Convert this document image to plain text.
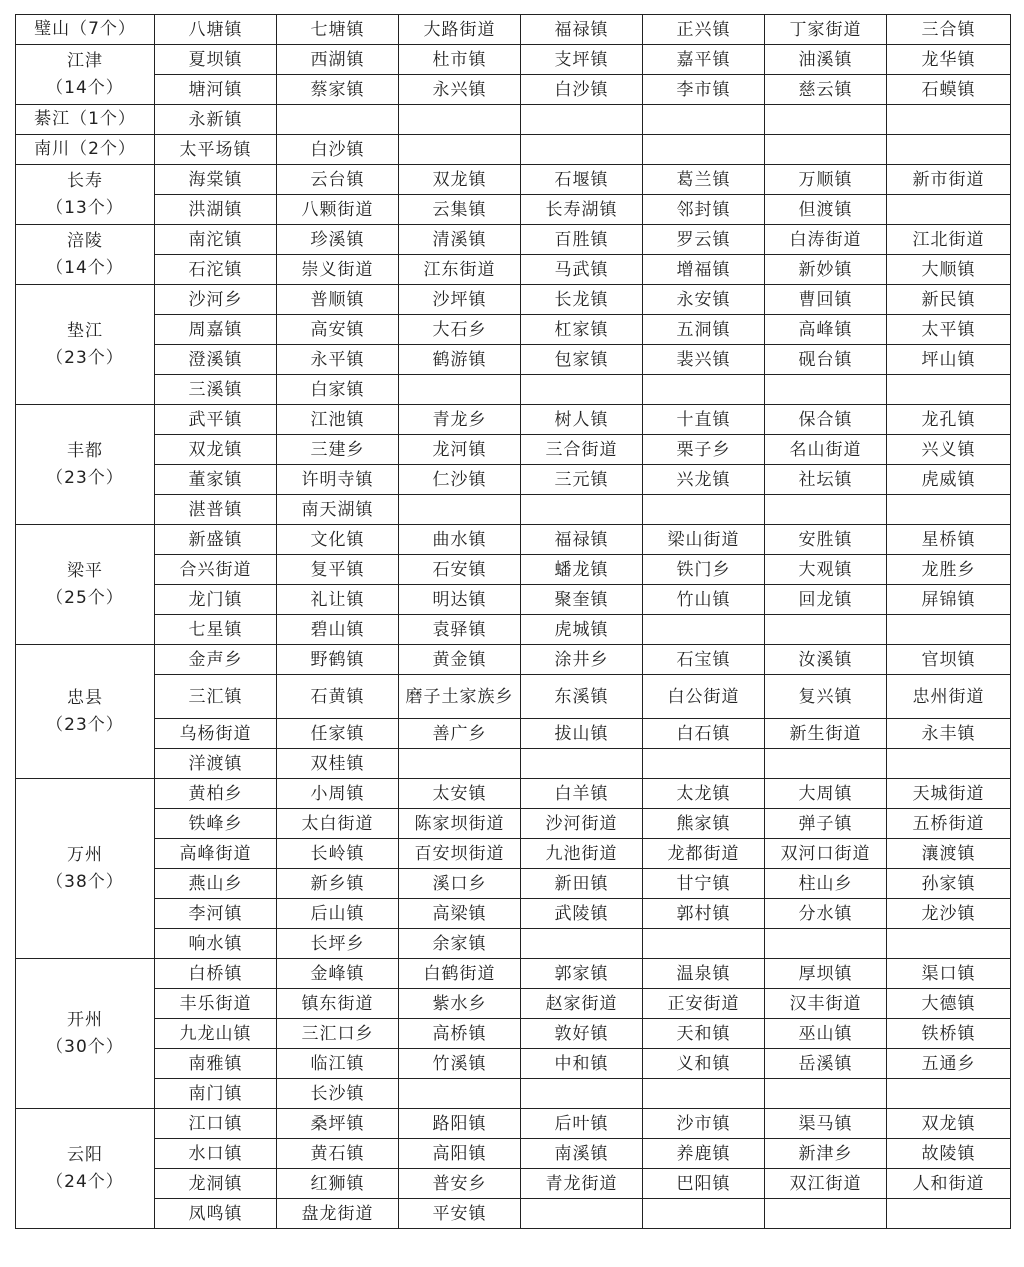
璧山（7个）	八塘镇	七塘镇	大路街道	福禄镇	正兴镇	丁家街道	三合镇
江津
（14个）	夏坝镇	西湖镇	杜市镇	支坪镇	嘉平镇	油溪镇	龙华镇
	塘河镇	蔡家镇	永兴镇	白沙镇	李市镇	慈云镇	石蟆镇
綦江（1个）	永新镇						
南川（2个）	太平场镇	白沙镇					
长寿
（13个）	海棠镇	云台镇	双龙镇	石堰镇	葛兰镇	万顺镇	新市街道
	洪湖镇	八颗街道	云集镇	长寿湖镇	邻封镇	但渡镇	
涪陵
（14个）	南沱镇	珍溪镇	清溪镇	百胜镇	罗云镇	白涛街道	江北街道
	石沱镇	崇义街道	江东街道	马武镇	增福镇	新妙镇	大顺镇
垫江
（23个）	沙河乡	普顺镇	沙坪镇	长龙镇	永安镇	曹回镇	新民镇
	周嘉镇	高安镇	大石乡	杠家镇	五洞镇	高峰镇	太平镇
	澄溪镇	永平镇	鹤游镇	包家镇	裴兴镇	砚台镇	坪山镇
	三溪镇	白家镇					
丰都
（23个）	武平镇	江池镇	青龙乡	树人镇	十直镇	保合镇	龙孔镇
	双龙镇	三建乡	龙河镇	三合街道	栗子乡	名山街道	兴义镇
	董家镇	许明寺镇	仁沙镇	三元镇	兴龙镇	社坛镇	虎威镇
	湛普镇	南天湖镇					
梁平
（25个）	新盛镇	文化镇	曲水镇	福禄镇	梁山街道	安胜镇	星桥镇
	合兴街道	复平镇	石安镇	蟠龙镇	铁门乡	大观镇	龙胜乡
	龙门镇	礼让镇	明达镇	聚奎镇	竹山镇	回龙镇	屏锦镇
	七星镇	碧山镇	袁驿镇	虎城镇			
忠县
（23个）	金声乡	野鹤镇	黄金镇	涂井乡	石宝镇	汝溪镇	官坝镇
	三汇镇	石黄镇	磨子土家族乡	东溪镇	白公街道	复兴镇	忠州街道
	乌杨街道	任家镇	善广乡	拔山镇	白石镇	新生街道	永丰镇
	洋渡镇	双桂镇					
万州
（38个）	黄柏乡	小周镇	太安镇	白羊镇	太龙镇	大周镇	天城街道
	铁峰乡	太白街道	陈家坝街道	沙河街道	熊家镇	弹子镇	五桥街道
	高峰街道	长岭镇	百安坝街道	九池街道	龙都街道	双河口街道	瀼渡镇
	燕山乡	新乡镇	溪口乡	新田镇	甘宁镇	柱山乡	孙家镇
	李河镇	后山镇	高梁镇	武陵镇	郭村镇	分水镇	龙沙镇
	响水镇	长坪乡	余家镇				
开州
（30个）	白桥镇	金峰镇	白鹤街道	郭家镇	温泉镇	厚坝镇	渠口镇
	丰乐街道	镇东街道	紫水乡	赵家街道	正安街道	汉丰街道	大德镇
	九龙山镇	三汇口乡	高桥镇	敦好镇	天和镇	巫山镇	铁桥镇
	南雅镇	临江镇	竹溪镇	中和镇	义和镇	岳溪镇	五通乡
	南门镇	长沙镇					
云阳
（24个）	江口镇	桑坪镇	路阳镇	后叶镇	沙市镇	渠马镇	双龙镇
	水口镇	黄石镇	高阳镇	南溪镇	养鹿镇	新津乡	故陵镇
	龙洞镇	红狮镇	普安乡	青龙街道	巴阳镇	双江街道	人和街道
	凤鸣镇	盘龙街道	平安镇				
